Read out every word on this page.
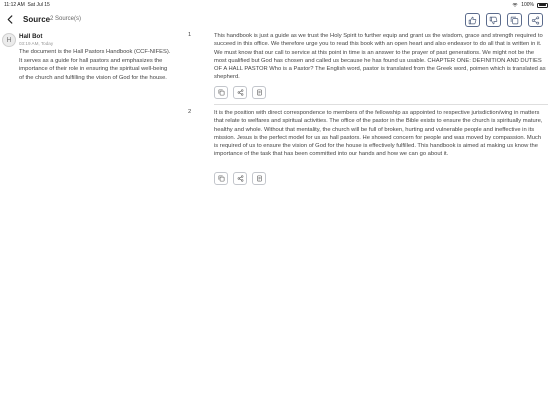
11:12 AM Sat Jul 15	100%
Source 2 Source(s)
H	Hall Bot
03:19 AM, Today
The document is the Hall Pastors Handbook (CCF-NIFES). It serves as a guide for hall pastors and emphasizes the importance of their role in ensuring the spiritual well-being of the church and fulfilling the vision of God for the house.
1	This handbook is just a guide as we trust the Holy Spirit to further equip and grant us the wisdom, grace and strength required to succeed in this office. We therefore urge you to read this book with an open heart and also endeavor to do all that is written in it. We must know that our call to service at this point in time is an answer to the prayer of past generations. We might not be the most qualified but God has chosen and called us because he has found us usable. CHAPTER ONE: DEFINITION AND DUTIES OF A HALL PASTOR Who is a Pastor? The English word, pastor is translated from the Greek word, poimen which is translated as shepherd.
2	It is the position with direct correspondence to members of the fellowship as appointed to respective jurisdiction/wing in matters that relate to welfares and spiritual activities. The office of the pastor in the Bible exists to ensure the church is spiritually mature, healthy and whole. Without that mentality, the church will be full of broken, hurting and vulnerable people and ineffective in its mission. Jesus is the perfect model for us as hall pastors. He showed concern for people and was moved by compassion. Much is required of us to ensure the vision of God for the house is effectively fulfilled. This handbook is aimed at making us know the importance of the task that has been committed into our hands and how we can go about it.
